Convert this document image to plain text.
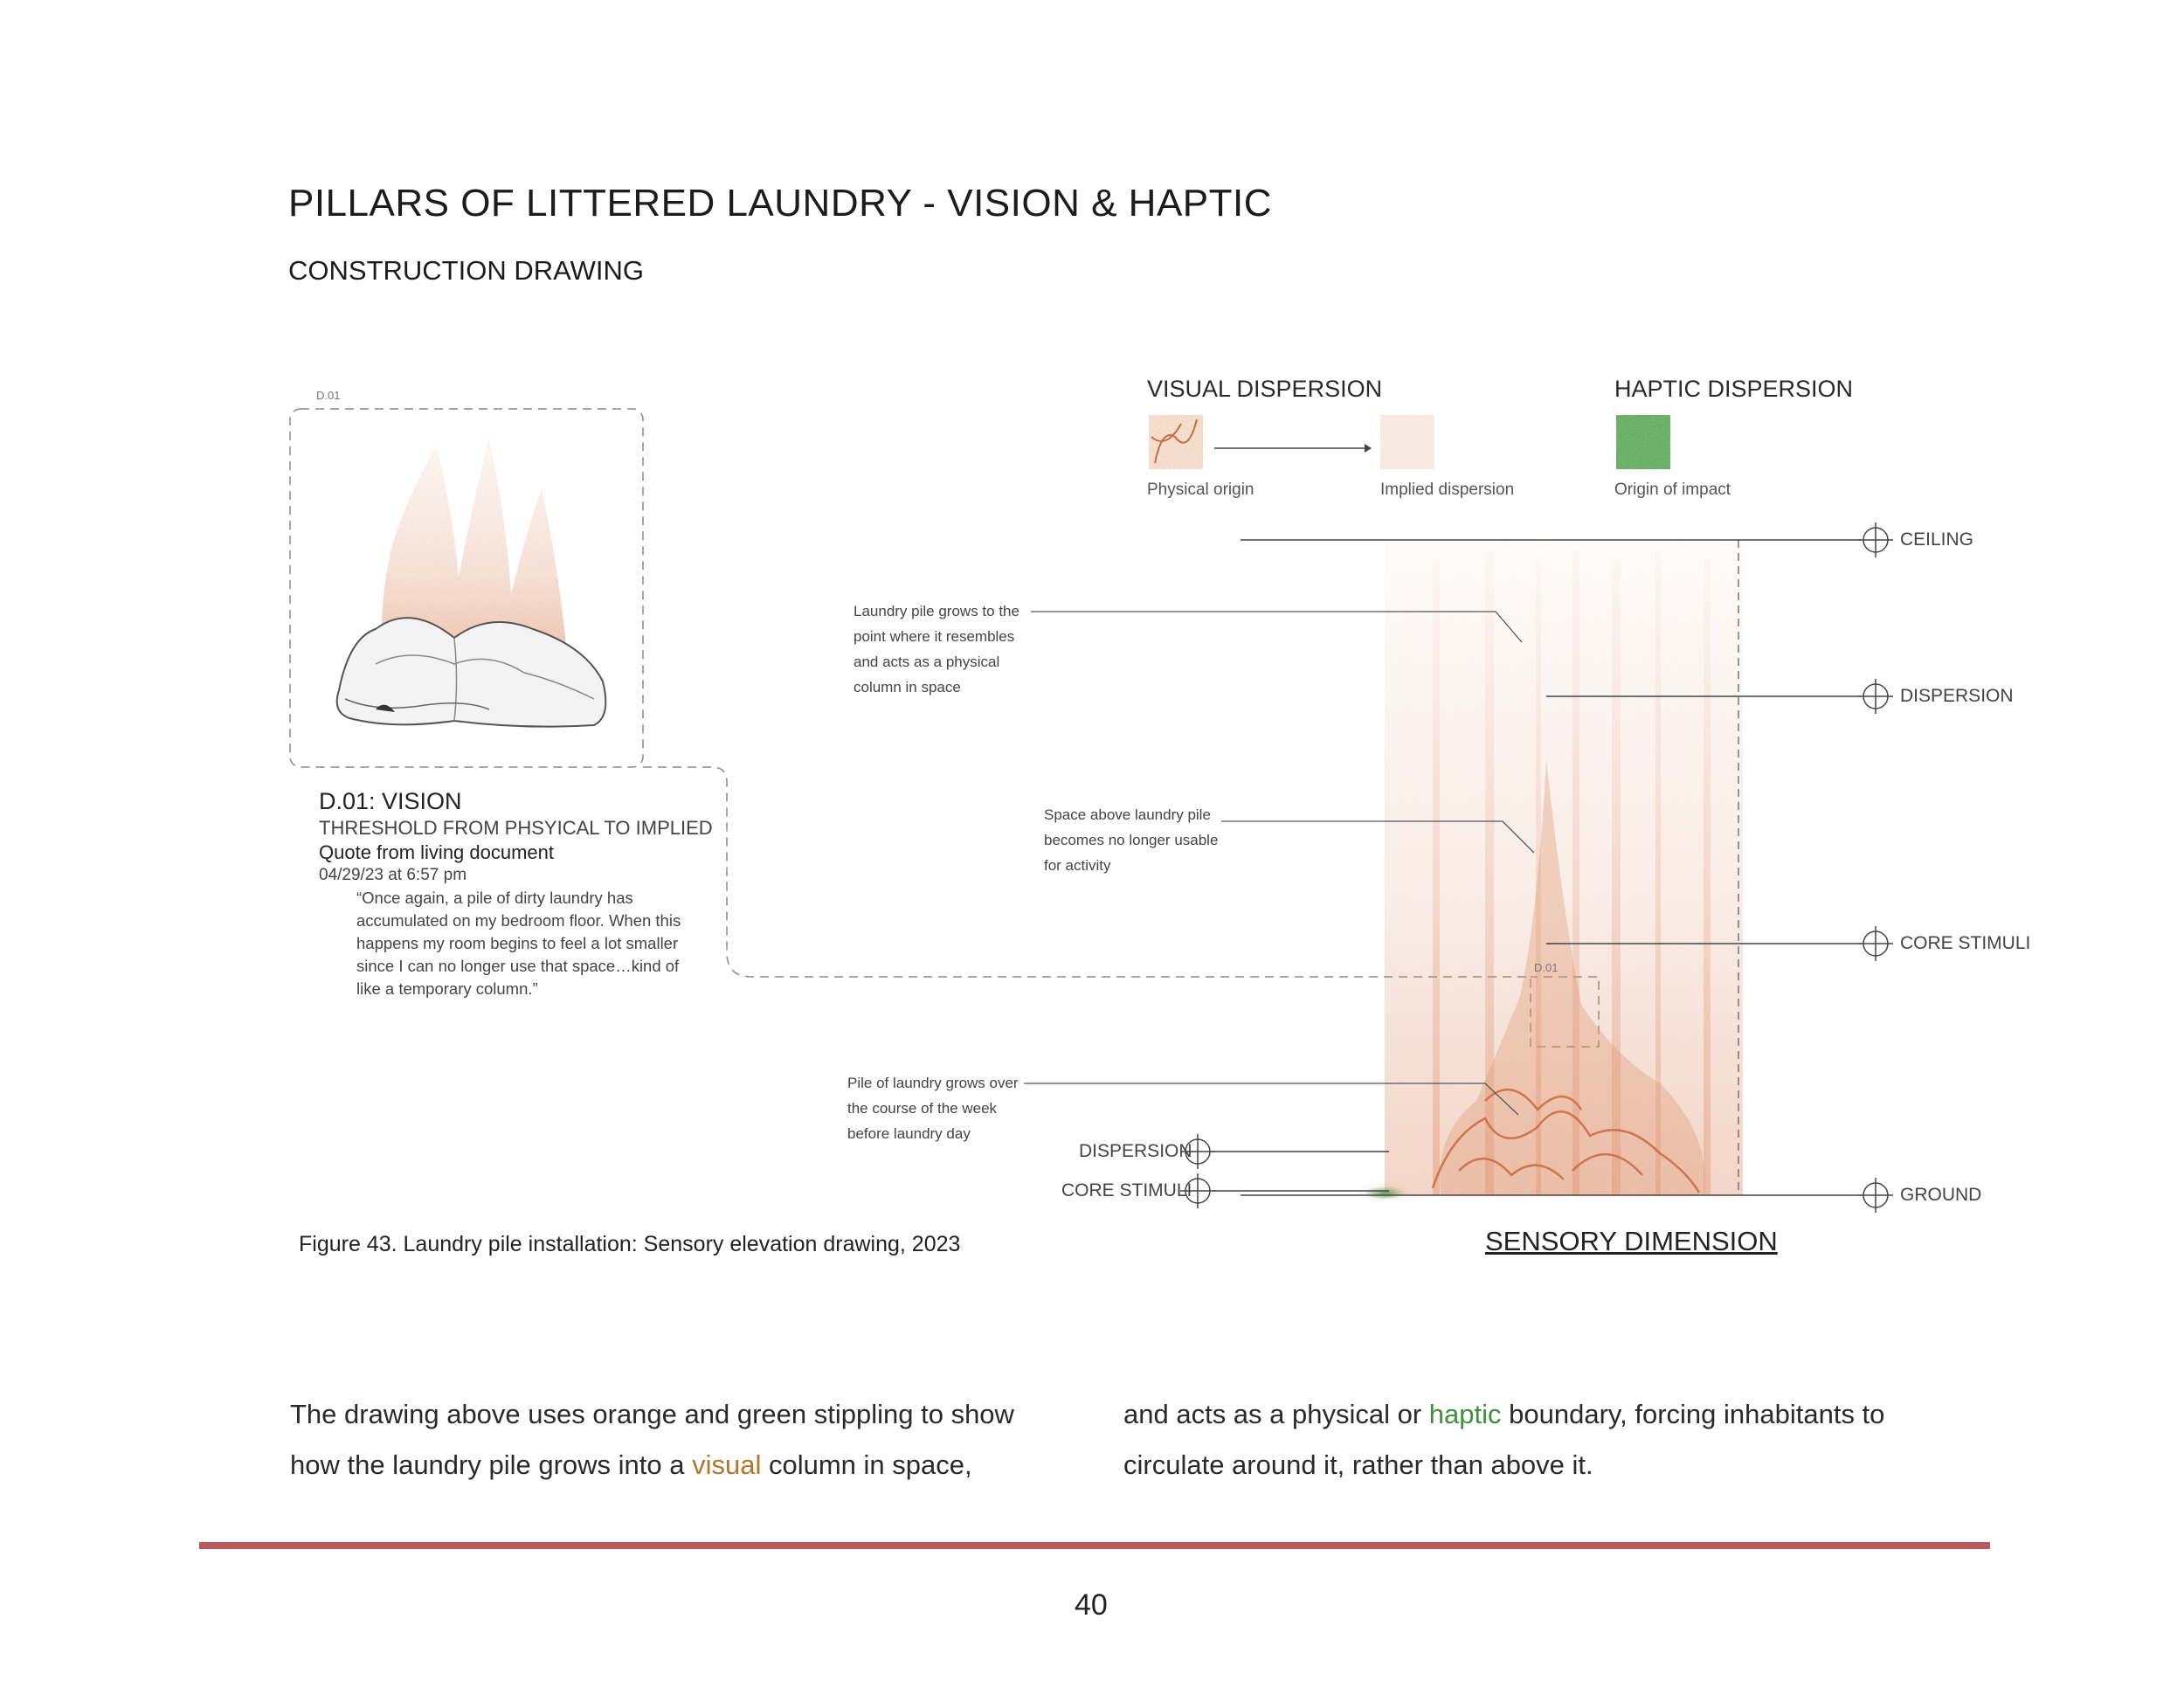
PILLARS OF LITTERED LAUNDRY - VISION & HAPTIC
CONSTRUCTION DRAWING
D.01
D.01
VISUAL DISPERSION	HAPTIC DISPERSION
Physical origin	Implied dispersion	Origin of impact
CEILING
DISPERSION
CORE STIMULI
GROUND
DISPERSION
CORE STIMULI
Laundry pile grows to the point where it resembles and acts as a physical column in space
Space above laundry pile becomes no longer usable for activity
Pile of laundry grows over the course of the week before laundry day
D.01: VISION
THRESHOLD FROM PHSYICAL TO IMPLIED
Quote from living document
04/29/23 at 6:57 pm
“Once again, a pile of dirty laundry has accumulated on my bedroom floor. When this happens my room begins to feel a lot smaller since I can no longer use that space…kind of like a temporary column.”
Figure 43. Laundry pile installation: Sensory elevation drawing, 2023	SENSORY DIMENSION
The drawing above uses orange and green stippling to show how the laundry pile grows into a visual column in space,
and acts as a physical or haptic boundary, forcing inhabitants to circulate around it, rather than above it.
40
